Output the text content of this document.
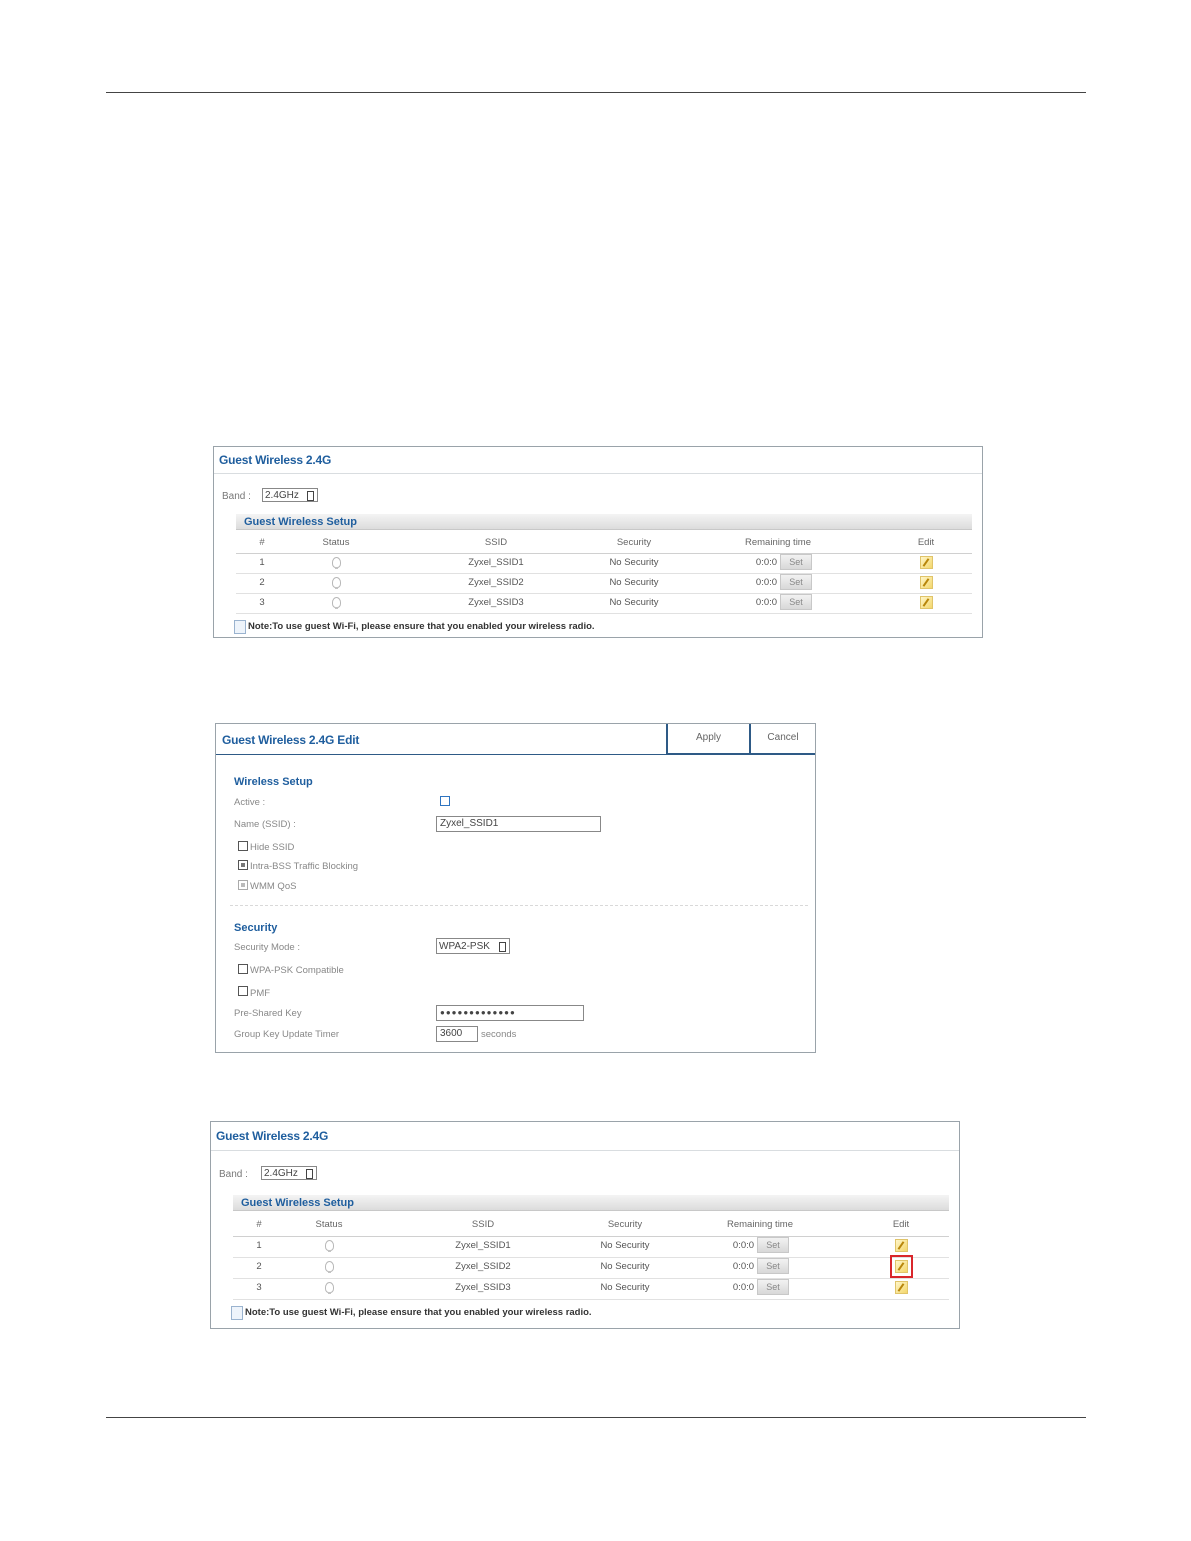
Guest Wireless 2.4G
Band :	2.4GHz
Guest Wireless Setup
#	Status	SSID	Security	Remaining time	Edit
1	Zyxel_SSID1	No Security	0:0:0 Set
2	Zyxel_SSID2	No Security	0:0:0 Set
3	Zyxel_SSID3	No Security	0:0:0 Set
Note:To use guest Wi-Fi, please ensure that you enabled your wireless radio.
Guest Wireless 2.4G Edit	Apply	Cancel
Wireless Setup
Active :
Name (SSID) :	Zyxel_SSID1
Hide SSID
Intra-BSS Traffic Blocking
WMM QoS
Security
Security Mode :	WPA2-PSK
WPA-PSK Compatible
PMF
Pre-Shared Key	●●●●●●●●●●●●●
Group Key Update Timer	3600	seconds
Guest Wireless 2.4G
Band :	2.4GHz
Guest Wireless Setup
#	Status	SSID	Security	Remaining time	Edit
1	Zyxel_SSID1	No Security	0:0:0 Set
2	Zyxel_SSID2	No Security	0:0:0 Set
3	Zyxel_SSID3	No Security	0:0:0 Set
Note:To use guest Wi-Fi, please ensure that you enabled your wireless radio.
